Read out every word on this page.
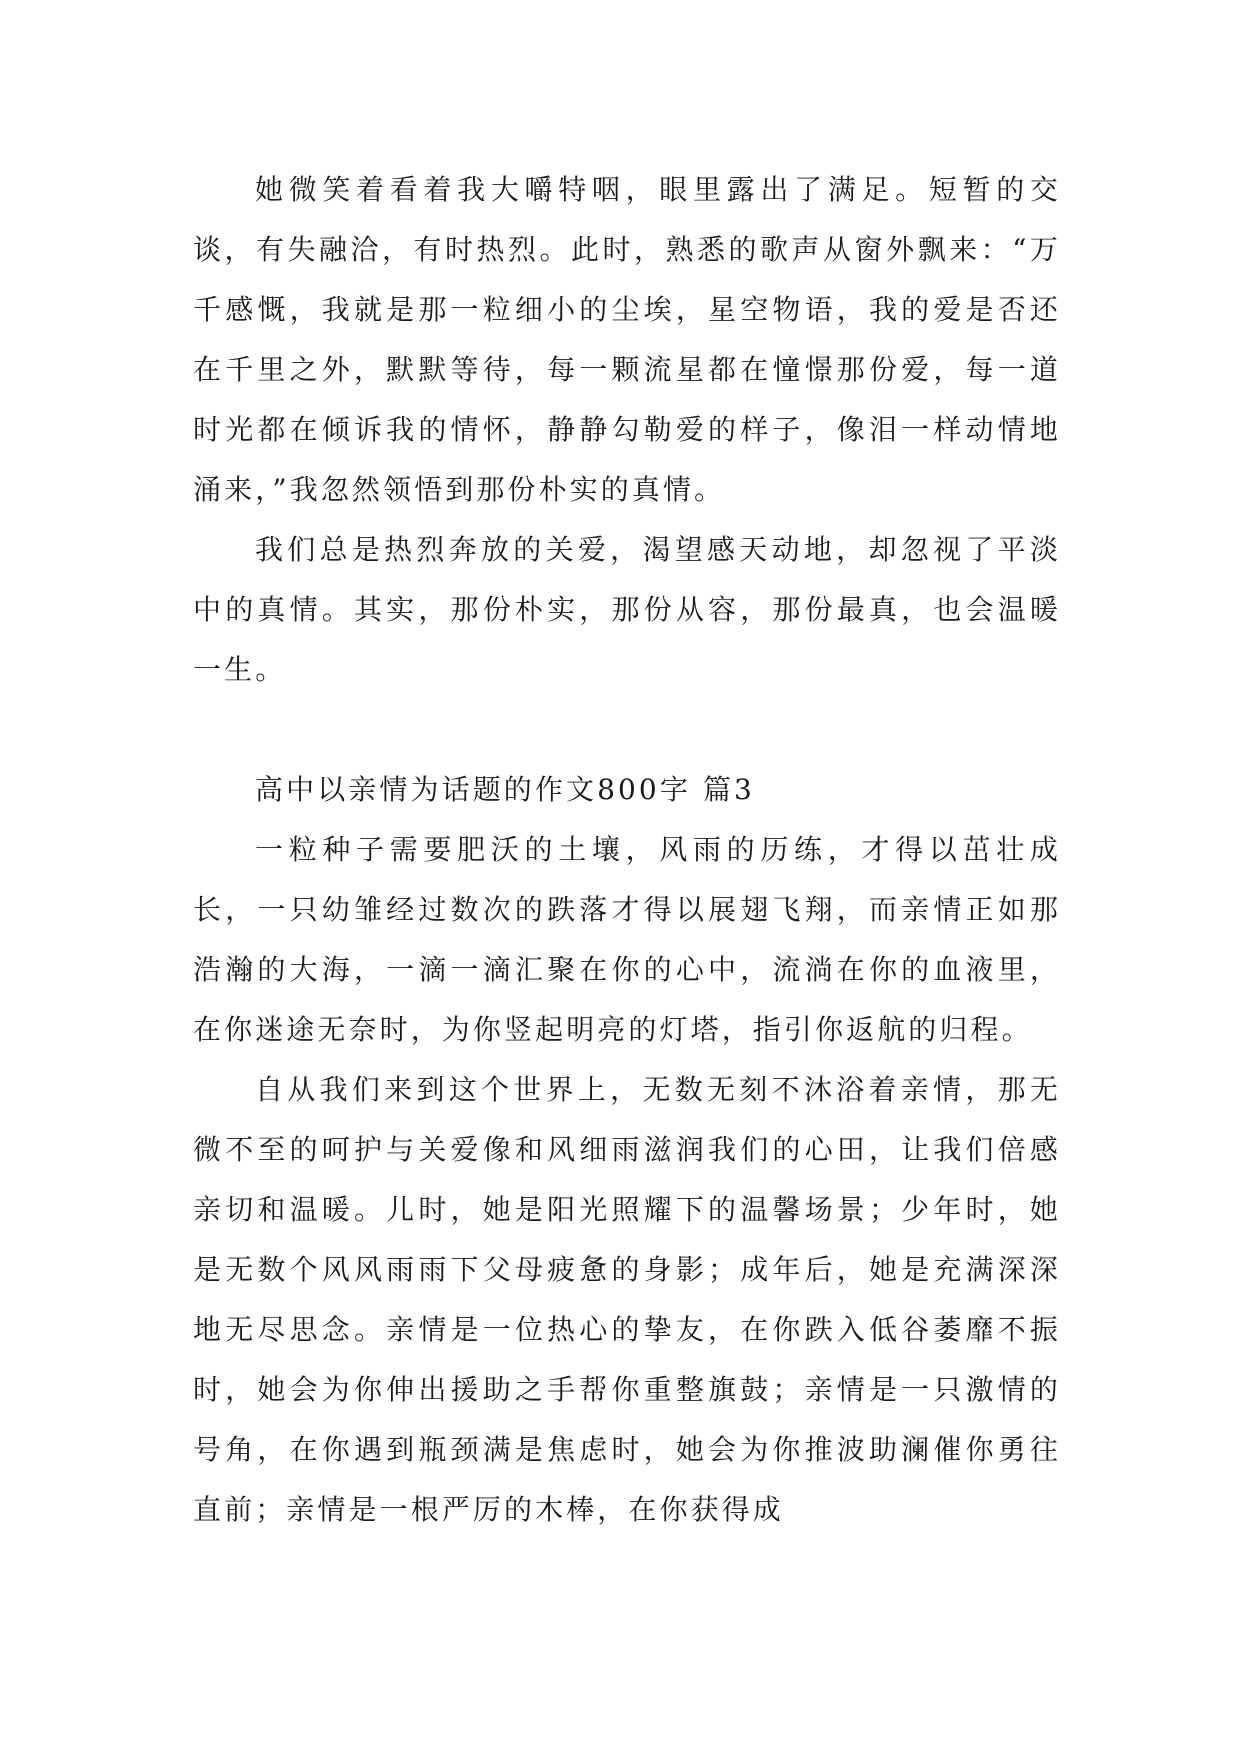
她微笑着看着我大嚼特咽，眼里露出了满足。短暂的交谈，有失融洽，有时热烈。此时，熟悉的歌声从窗外飘来：“万千感慨，我就是那一粒细小的尘埃，星空物语，我的爱是否还在千里之外，默默等待，每一颗流星都在憧憬那份爱，每一道时光都在倾诉我的情怀，静静勾勒爱的样子，像泪一样动情地涌来，”我忽然领悟到那份朴实的真情。

我们总是热烈奔放的关爱，渴望感天动地，却忽视了平淡中的真情。其实，那份朴实，那份从容，那份最真，也会温暖一生。

高中以亲情为话题的作文800字 篇3

一粒种子需要肥沃的土壤，风雨的历练，才得以茁壮成长，一只幼雏经过数次的跌落才得以展翅飞翔，而亲情正如那浩瀚的大海，一滴一滴汇聚在你的心中，流淌在你的血液里，在你迷途无奈时，为你竖起明亮的灯塔，指引你返航的归程。

自从我们来到这个世界上，无数无刻不沐浴着亲情，那无微不至的呵护与关爱像和风细雨滋润我们的心田，让我们倍感亲切和温暖。儿时，她是阳光照耀下的温馨场景；少年时，她是无数个风风雨雨下父母疲惫的身影；成年后，她是充满深深地无尽思念。亲情是一位热心的挚友，在你跌入低谷萎靡不振时，她会为你伸出援助之手帮你重整旗鼓；亲情是一只激情的号角，在你遇到瓶颈满是焦虑时，她会为你推波助澜催你勇往直前；亲情是一根严厉的木棒，在你获得成
